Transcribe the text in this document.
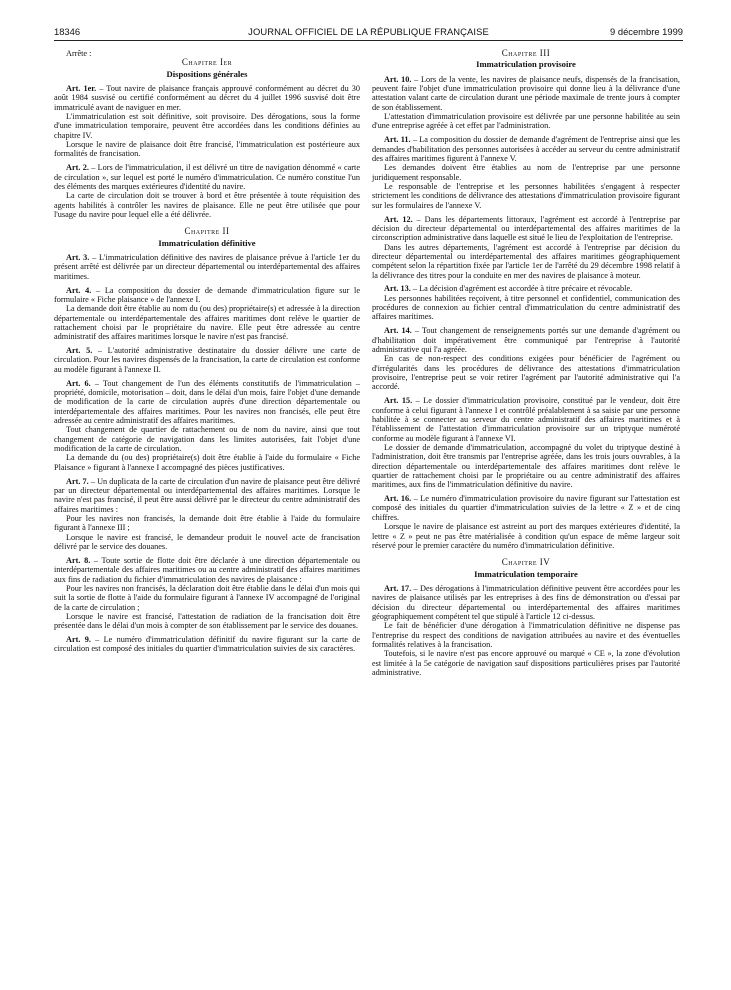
18346	JOURNAL OFFICIEL DE LA RÉPUBLIQUE FRANÇAISE	9 décembre 1999

Arrête :

Chapitre Ier
Dispositions générales

Art. 1er. – Tout navire de plaisance français approuvé conformément au décret du 30 août 1984 susvisé ou certifié conformément au décret du 4 juillet 1996 susvisé doit être immatriculé avant de naviguer en mer.

L'immatriculation est soit définitive, soit provisoire. Des dérogations, sous la forme d'une immatriculation temporaire, peuvent être accordées dans les conditions définies au chapitre IV.

Lorsque le navire de plaisance doit être francisé, l'immatriculation est postérieure aux formalités de francisation.

Art. 2. – Lors de l'immatriculation, il est délivré un titre de navigation dénommé « carte de circulation », sur lequel est porté le numéro d'immatriculation. Ce numéro constitue l'un des éléments des marques extérieures d'identité du navire.

La carte de circulation doit se trouver à bord et être présentée à toute réquisition des agents habilités à contrôler les navires de plaisance. Elle ne peut être utilisée que pour l'usage du navire pour lequel elle a été délivrée.

Chapitre II
Immatriculation définitive

Art. 3. – L'immatriculation définitive des navires de plaisance prévue à l'article 1er du présent arrêté est délivrée par un directeur départemental ou interdépartemental des affaires maritimes.

Art. 4. – La composition du dossier de demande d'immatriculation figure sur le formulaire « Fiche plaisance » de l'annexe I.

La demande doit être établie au nom du (ou des) propriétaire(s) et adressée à la direction départementale ou interdépartementale des affaires maritimes dont relève le quartier de rattachement choisi par le propriétaire du navire. Elle peut être adressée au centre administratif des affaires maritimes lorsque le navire n'est pas francisé.

Art. 5. – L'autorité administrative destinataire du dossier délivre une carte de circulation. Pour les navires dispensés de la francisation, la carte de circulation est conforme au modèle figurant à l'annexe II.

Art. 6. – Tout changement de l'un des éléments constitutifs de l'immatriculation – propriété, domicile, motorisation – doit, dans le délai d'un mois, faire l'objet d'une demande de modification de la carte de circulation auprès d'une direction départementale ou interdépartementale des affaires maritimes. Pour les navires non francisés, elle peut être adressée au centre administratif des affaires maritimes.

Tout changement de quartier de rattachement ou de nom du navire, ainsi que tout changement de catégorie de navigation dans les limites autorisées, fait l'objet d'une modification de la carte de circulation.

La demande du (ou des) propriétaire(s) doit être établie à l'aide du formulaire « Fiche Plaisance » figurant à l'annexe I accompagné des pièces justificatives.

Art. 7. – Un duplicata de la carte de circulation d'un navire de plaisance peut être délivré par un directeur départemental ou interdépartemental des affaires maritimes. Lorsque le navire n'est pas francisé, il peut être aussi délivré par le directeur du centre administratif des affaires maritimes :

Pour les navires non francisés, la demande doit être établie à l'aide du formulaire figurant à l'annexe III ;

Lorsque le navire est francisé, le demandeur produit le nouvel acte de francisation délivré par le service des douanes.

Art. 8. – Toute sortie de flotte doit être déclarée à une direction départementale ou interdépartementale des affaires maritimes ou au centre administratif des affaires maritimes aux fins de radiation du fichier d'immatriculation des navires de plaisance :

Pour les navires non francisés, la déclaration doit être établie dans le délai d'un mois qui suit la sortie de flotte à l'aide du formulaire figurant à l'annexe IV accompagné de l'original de la carte de circulation ;

Lorsque le navire est francisé, l'attestation de radiation de la francisation doit être présentée dans le délai d'un mois à compter de son établissement par le service des douanes.

Art. 9. – Le numéro d'immatriculation définitif du navire figurant sur la carte de circulation est composé des initiales du quartier d'immatriculation suivies de six caractères.

Chapitre III
Immatriculation provisoire

Art. 10. – Lors de la vente, les navires de plaisance neufs, dispensés de la francisation, peuvent faire l'objet d'une immatriculation provisoire qui donne lieu à la délivrance d'une attestation valant carte de circulation durant une période maximale de trente jours à compter de son établissement.

L'attestation d'immatriculation provisoire est délivrée par une personne habilitée au sein d'une entreprise agréée à cet effet par l'administration.

Art. 11. – La composition du dossier de demande d'agrément de l'entreprise ainsi que les demandes d'habilitation des personnes autorisées à accéder au serveur du centre administratif des affaires maritimes figurent à l'annexe V.

Les demandes doivent être établies au nom de l'entreprise par une personne juridiquement responsable.

Le responsable de l'entreprise et les personnes habilitées s'engagent à respecter strictement les conditions de délivrance des attestations d'immatriculation provisoire figurant sur les formulaires de l'annexe V.

Art. 12. – Dans les départements littoraux, l'agrément est accordé à l'entreprise par décision du directeur départemental ou interdépartemental des affaires maritimes de la circonscription administrative dans laquelle est situé le lieu de l'exploitation de l'entreprise.

Dans les autres départements, l'agrément est accordé à l'entreprise par décision du directeur départemental ou interdépartemental des affaires maritimes géographiquement compétent selon la répartition fixée par l'article 1er de l'arrêté du 29 décembre 1998 relatif à la délivrance des titres pour la conduite en mer des navires de plaisance à moteur.

Art. 13. – La décision d'agrément est accordée à titre précaire et révocable.

Les personnes habilitées reçoivent, à titre personnel et confidentiel, communication des procédures de connexion au fichier central d'immatriculation du centre administratif des affaires maritimes.

Art. 14. – Tout changement de renseignements portés sur une demande d'agrément ou d'habilitation doit impérativement être communiqué par l'entreprise à l'autorité administrative qui l'a agréée.

En cas de non-respect des conditions exigées pour bénéficier de l'agrément ou d'irrégularités dans les procédures de délivrance des attestations d'immatriculation provisoire, l'entreprise peut se voir retirer l'agrément par l'autorité administrative qui l'a accordé.

Art. 15. – Le dossier d'immatriculation provisoire, constitué par le vendeur, doit être conforme à celui figurant à l'annexe I et contrôlé préalablement à sa saisie par une personne habilitée à se connecter au serveur du centre administratif des affaires maritimes et à l'établissement de l'attestation d'immatriculation provisoire sur un triptyque numéroté conforme au modèle figurant à l'annexe VI.

Le dossier de demande d'immatriculation, accompagné du volet du triptyque destiné à l'administration, doit être transmis par l'entreprise agréée, dans les trois jours ouvrables, à la direction départementale ou interdépartementale des affaires maritimes dont relève le quartier de rattachement choisi par le propriétaire ou au centre administratif des affaires maritimes, aux fins de l'immatriculation définitive du navire.

Art. 16. – Le numéro d'immatriculation provisoire du navire figurant sur l'attestation est composé des initiales du quartier d'immatriculation suivies de la lettre « Z » et de cinq chiffres.

Lorsque le navire de plaisance est astreint au port des marques extérieures d'identité, la lettre « Z » peut ne pas être matérialisée à condition qu'un espace de même largeur soit réservé pour le premier caractère du numéro d'immatriculation définitive.

Chapitre IV
Immatriculation temporaire

Art. 17. – Des dérogations à l'immatriculation définitive peuvent être accordées pour les navires de plaisance utilisés par les entreprises à des fins de démonstration ou d'essai par décision du directeur départemental ou interdépartemental des affaires maritimes géographiquement compétent tel que stipulé à l'article 12 ci-dessus.

Le fait de bénéficier d'une dérogation à l'immatriculation définitive ne dispense pas l'entreprise du respect des conditions de navigation attribuées au navire et des éventuelles formalités relatives à la francisation.

Toutefois, si le navire n'est pas encore approuvé ou marqué « CE », la zone d'évolution est limitée à la 5e catégorie de navigation sauf dispositions particulières prises par l'autorité administrative.
